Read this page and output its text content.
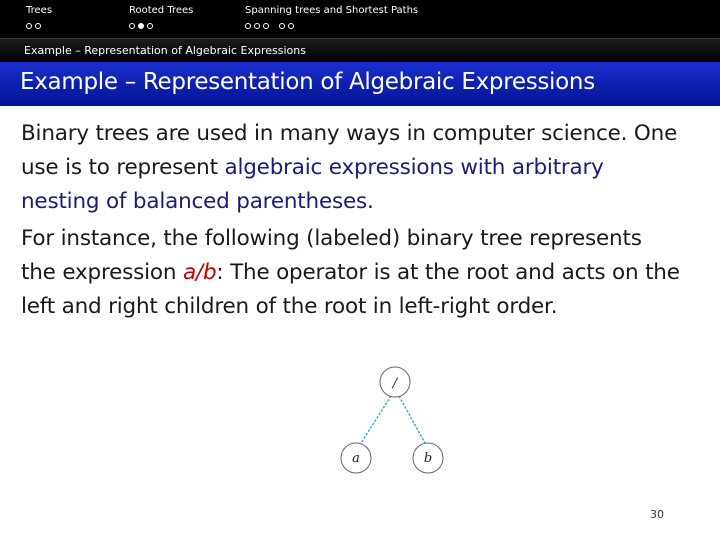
Trees	Rooted Trees	Spanning trees and Shortest Paths
Example – Representation of Algebraic Expressions
Example – Representation of Algebraic Expressions

Binary trees are used in many ways in computer science. One use is to represent algebraic expressions with arbitrary nesting of balanced parentheses.

For instance, the following (labeled) binary tree represents the expression a/b: The operator is at the root and acts on the left and right children of the root in left-right order.

/
a	b
30
